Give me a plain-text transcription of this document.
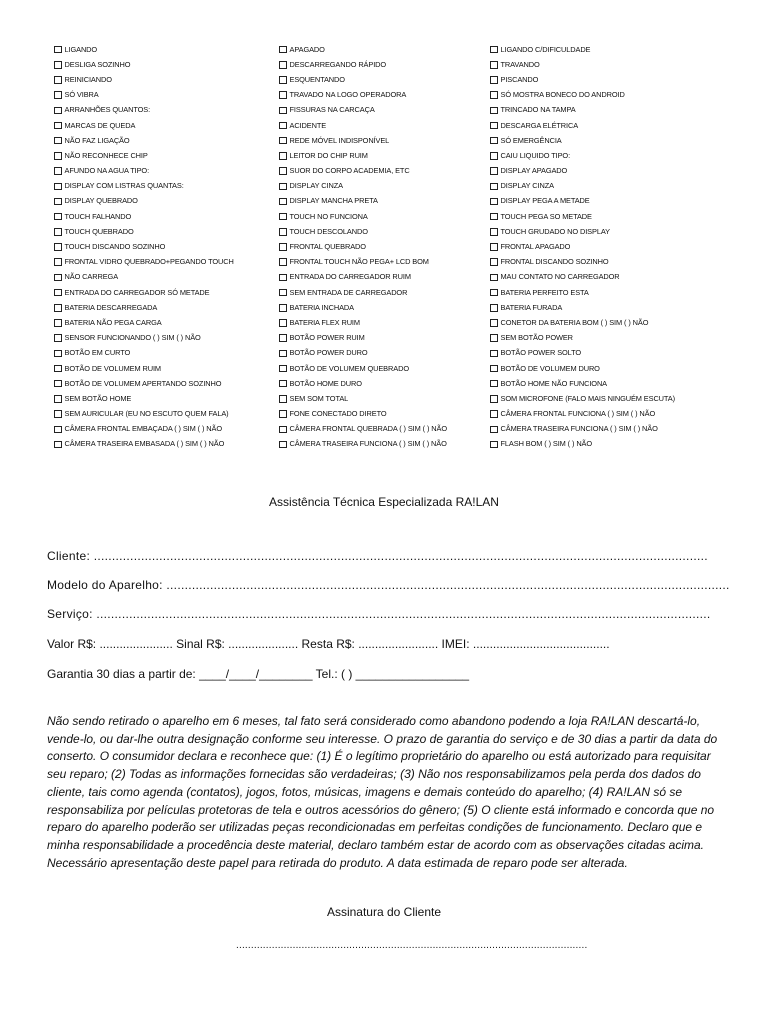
LIGANDO
DESLIGA SOZINHO
REINICIANDO
SÓ VIBRA
ARRANHÕES QUANTOS:
MARCAS DE QUEDA
NÃO FAZ LIGAÇÃO
NÃO RECONHECE CHIP
AFUNDO NA AGUA TIPO:
DISPLAY COM LISTRAS QUANTAS:
DISPLAY QUEBRADO
TOUCH FALHANDO
TOUCH QUEBRADO
TOUCH DISCANDO SOZINHO
FRONTAL VIDRO QUEBRADO+PEGANDO TOUCH
NÃO CARREGA
ENTRADA DO CARREGADOR SÓ METADE
BATERIA DESCARREGADA
BATERIA NÃO PEGA CARGA
SENSOR FUNCIONANDO ( ) SIM ( ) NÃO
BOTÃO EM CURTO
BOTÃO DE VOLUMEM RUIM
BOTÃO DE VOLUMEM APERTANDO SOZINHO
SEM BOTÃO HOME
SEM AURICULAR (EU NO ESCUTO QUEM FALA)
CÂMERA FRONTAL EMBAÇADA ( ) SIM ( ) NÃO
CÂMERA TRASEIRA EMBASADA ( ) SIM ( ) NÃO
APAGADO
DESCARREGANDO RÁPIDO
ESQUENTANDO
TRAVADO NA LOGO OPERADORA
FISSURAS NA CARCAÇA
ACIDENTE
REDE MÓVEL INDISPONÍVEL
LEITOR DO CHIP RUIM
SUOR DO CORPO ACADEMIA, ETC
DISPLAY CINZA
DISPLAY MANCHA PRETA
TOUCH NO FUNCIONA
TOUCH DESCOLANDO
FRONTAL QUEBRADO
FRONTAL TOUCH NÃO PEGA+ LCD BOM
ENTRADA DO CARREGADOR RUIM
SEM ENTRADA DE CARREGADOR
BATERIA INCHADA
BATERIA FLEX RUIM
BOTÃO POWER RUIM
BOTÃO POWER DURO
BOTÃO DE VOLUMEM QUEBRADO
BOTÃO HOME DURO
SEM SOM TOTAL
FONE CONECTADO DIRETO
CÂMERA FRONTAL QUEBRADA ( ) SIM ( ) NÃO
CÂMERA TRASEIRA FUNCIONA ( ) SIM ( ) NÃO
LIGANDO C/DIFICULDADE
TRAVANDO
PISCANDO
SÓ MOSTRA BONECO DO ANDROID
TRINCADO NA TAMPA
DESCARGA ELÉTRICA
SÓ EMERGÊNCIA
CAIU LIQUIDO TIPO:
DISPLAY APAGADO
DISPLAY CINZA
DISPLAY PEGA A METADE
TOUCH PEGA SO METADE
TOUCH GRUDADO NO DISPLAY
FRONTAL APAGADO
FRONTAL DISCANDO SOZINHO
MAU CONTATO NO CARREGADOR
BATERIA PERFEITO ESTA
BATERIA FURADA
CONETOR DA BATERIA BOM ( ) SIM ( ) NÃO
SEM BOTÃO POWER
BOTÃO POWER SOLTO
BOTÃO DE VOLUMEM DURO
BOTÃO HOME NÃO FUNCIONA
SOM MICROFONE (FALO MAIS NINGUÉM ESCUTA)
CÂMERA FRONTAL FUNCIONA ( ) SIM ( ) NÃO
CÂMERA TRASEIRA FUNCIONA ( ) SIM ( ) NÃO
FLASH BOM ( ) SIM ( ) NÃO
Assistência Técnica Especializada RA!LAN
Cliente: .........................................................................................................................................................................
Modelo do Aparelho: ...........................................................................................................................................................
Serviço: .........................................................................................................................................................................
Valor R$: ...................... Sinal R$: ..................... Resta R$: ........................ IMEI: .........................................
Garantia 30 dias a partir de: ____/____/________ Tel.: ( ) _________________
Não sendo retirado o aparelho em 6 meses, tal fato será considerado como abandono podendo a loja RA!LAN descartá-lo, vende-lo, ou dar-lhe outra designação conforme seu interesse. O prazo de garantia do serviço e de 30 dias a partir da data do conserto. O consumidor declara e reconhece que: (1) É o legítimo proprietário do aparelho ou está autorizado para requisitar seu reparo; (2) Todas as informações fornecidas são verdadeiras; (3) Não nos responsabilizamos pela perda dos dados do cliente, tais como agenda (contatos), jogos, fotos, músicas, imagens e demais conteúdo do aparelho; (4) RA!LAN só se responsabiliza por películas protetoras de tela e outros acessórios do gênero; (5) O cliente está informado e concorda que no reparo do aparelho poderão ser utilizadas peças recondicionadas em perfeitas condições de funcionamento. Declaro que e minha responsabilidade a procedência deste material, declaro também estar de acordo com as observações citadas acima. Necessário apresentação deste papel para retirada do produto. A data estimada de reparo pode ser alterada.
Assinatura do Cliente
......................................................................................................................
